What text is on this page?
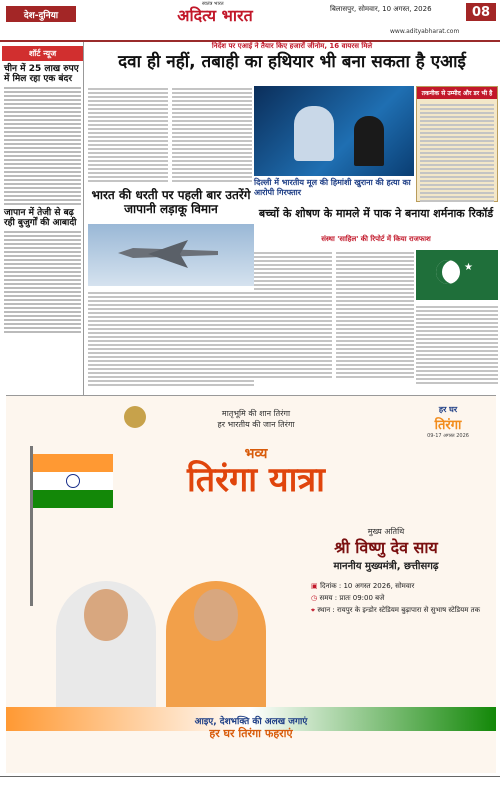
देश-दुनिया
स्वतंत्र भारत
अदित्य भारत	बिलासपुर, सोमवार, 10 अगस्त, 2026	08
www.adityabharat.com
शॉर्ट न्यूज
चीन में 25 लाख रुपए में मिल रहा एक बंदर
जापान में तेजी से बढ़ रही बुजुर्गों की आबादी
निर्देश पर एआई ने तैयार किए हजारों जीनोम, 16 वायरस मिले
दवा ही नहीं, तबाही का हथियार भी बना सकता है एआई
तकनीक से उम्मीद और डर भी है
भारत की धरती पर पहली बार उतरेंगे जापानी लड़ाकू विमान
दिल्ली में भारतीय मूल की हिमांशी खुराना की हत्या का आरोपी गिरफ्तार
बच्चों के शोषण के मामले में पाक ने बनाया शर्मनाक रिकॉर्ड
संस्था 'साहिल' की रिपोर्ट में किया राजफाश
★
मातृभूमि की शान तिरंगा
हर भारतीय की जान तिरंगा
हर घर
तिरंगा
09-17 अगस्त 2026
भव्य
तिरंगा यात्रा
मुख्य अतिथि
श्री विष्णु देव साय
माननीय मुख्यमंत्री, छत्तीसगढ़
▣ दिनांक : 10 अगस्त 2026, सोमवार
◷ समय : प्रातः 09:00 बजे
⌖ स्थान : रायपुर के इन्डोर स्टेडियम बुढ़ापारा से सुभाष स्टेडियम तक
आइए, देशभक्ति की अलख जगाएं
हर घर तिरंगा फहराएं
